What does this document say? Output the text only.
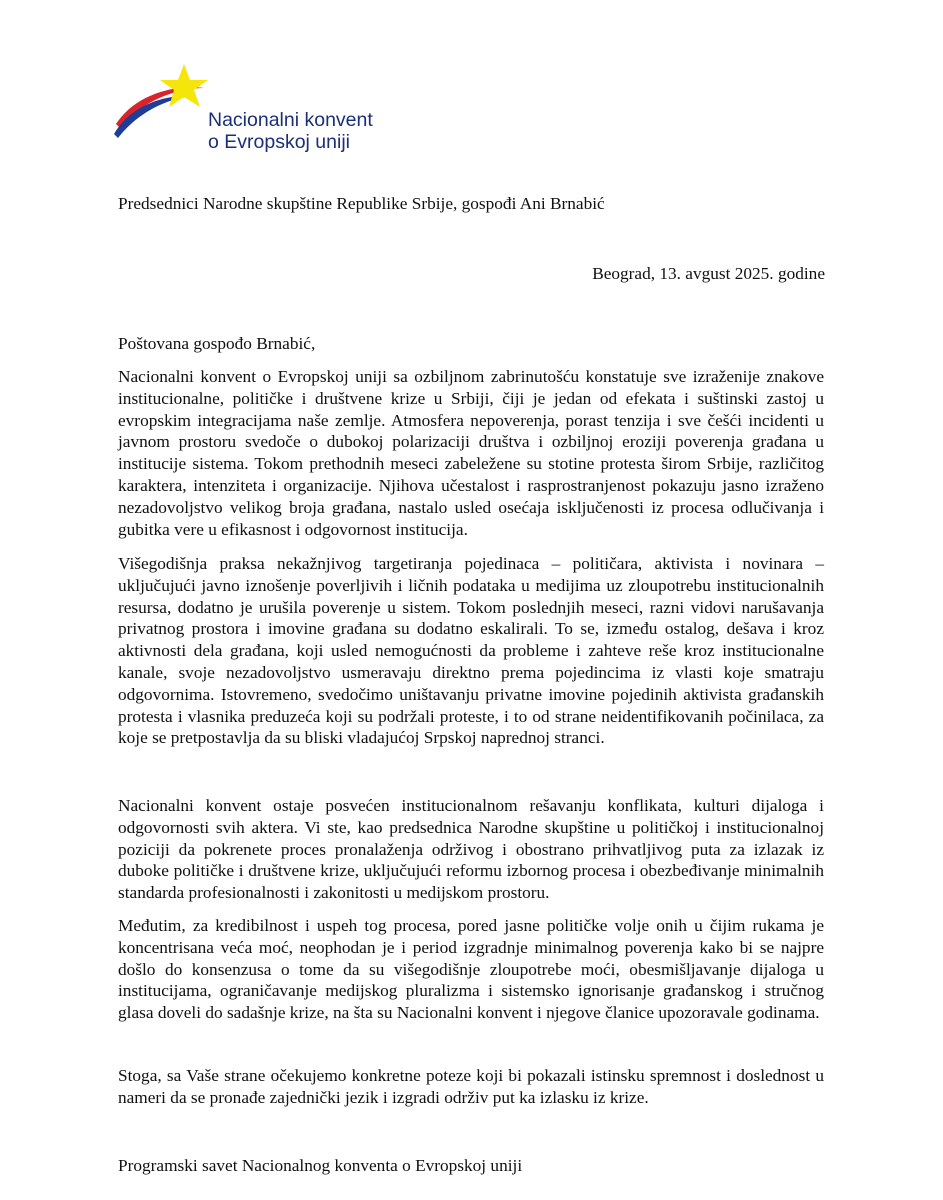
Nacionalni konvent
o Evropskoj uniji
Predsednici Narodne skupštine Republike Srbije, gospođi Ani Brnabić
Beograd, 13. avgust 2025. godine
Poštovana gospođo Brnabić,

Nacionalni konvent o Evropskoj uniji sa ozbiljnom zabrinutošću konstatuje sve izraženije znakove institucionalne, političke i društvene krize u Srbiji, čiji je jedan od efekata i suštinski zastoj u evropskim integracijama naše zemlje. Atmosfera nepoverenja, porast tenzija i sve češći incidenti u javnom prostoru svedoče o dubokoj polarizaciji društva i ozbiljnoj eroziji poverenja građana u institucije sistema. Tokom prethodnih meseci zabeležene su stotine protesta širom Srbije, različitog karaktera, intenziteta i organizacije. Njihova učestalost i rasprostranjenost pokazuju jasno izraženo nezadovoljstvo velikog broja građana, nastalo usled osećaja isključenosti iz procesa odlučivanja i gubitka vere u efikasnost i odgovornost institucija.

Višegodišnja praksa nekažnjivog targetiranja pojedinaca – političara, aktivista i novinara – uključujući javno iznošenje poverljivih i ličnih podataka u medijima uz zloupotrebu institucionalnih resursa, dodatno je urušila poverenje u sistem. Tokom poslednjih meseci, razni vidovi narušavanja privatnog prostora i imovine građana su dodatno eskalirali. To se, između ostalog, dešava i kroz aktivnosti dela građana, koji usled nemogućnosti da probleme i zahteve reše kroz institucionalne kanale, svoje nezadovoljstvo usmeravaju direktno prema pojedincima iz vlasti koje smatraju odgovornima. Istovremeno, svedočimo uništavanju privatne imovine pojedinih aktivista građanskih protesta i vlasnika preduzeća koji su podržali proteste, i to od strane neidentifikovanih počinilaca, za koje se pretpostavlja da su bliski vladajućoj Srpskoj naprednoj stranci.

Nacionalni konvent ostaje posvećen institucionalnom rešavanju konflikata, kulturi dijaloga i odgovornosti svih aktera. Vi ste, kao predsednica Narodne skupštine u političkoj i institucionalnoj poziciji da pokrenete proces pronalaženja održivog i obostrano prihvatljivog puta za izlazak iz duboke političke i društvene krize, uključujući reformu izbornog procesa i obezbeđivanje minimalnih standarda profesionalnosti i zakonitosti u medijskom prostoru.

Međutim, za kredibilnost i uspeh tog procesa, pored jasne političke volje onih u čijim rukama je koncentrisana veća moć, neophodan je i period izgradnje minimalnog poverenja kako bi se najpre došlo do konsenzusa o tome da su višegodišnje zloupotrebe moći, obesmišljavanje dijaloga u institucijama, ograničavanje medijskog pluralizma i sistemsko ignorisanje građanskog i stručnog glasa doveli do sadašnje krize, na šta su Nacionalni konvent i njegove članice upozoravale godinama.

Stoga, sa Vaše strane očekujemo konkretne poteze koji bi pokazali istinsku spremnost i doslednost u nameri da se pronađe zajednički jezik i izgradi održiv put ka izlasku iz krize.

Programski savet Nacionalnog konventa o Evropskoj uniji
